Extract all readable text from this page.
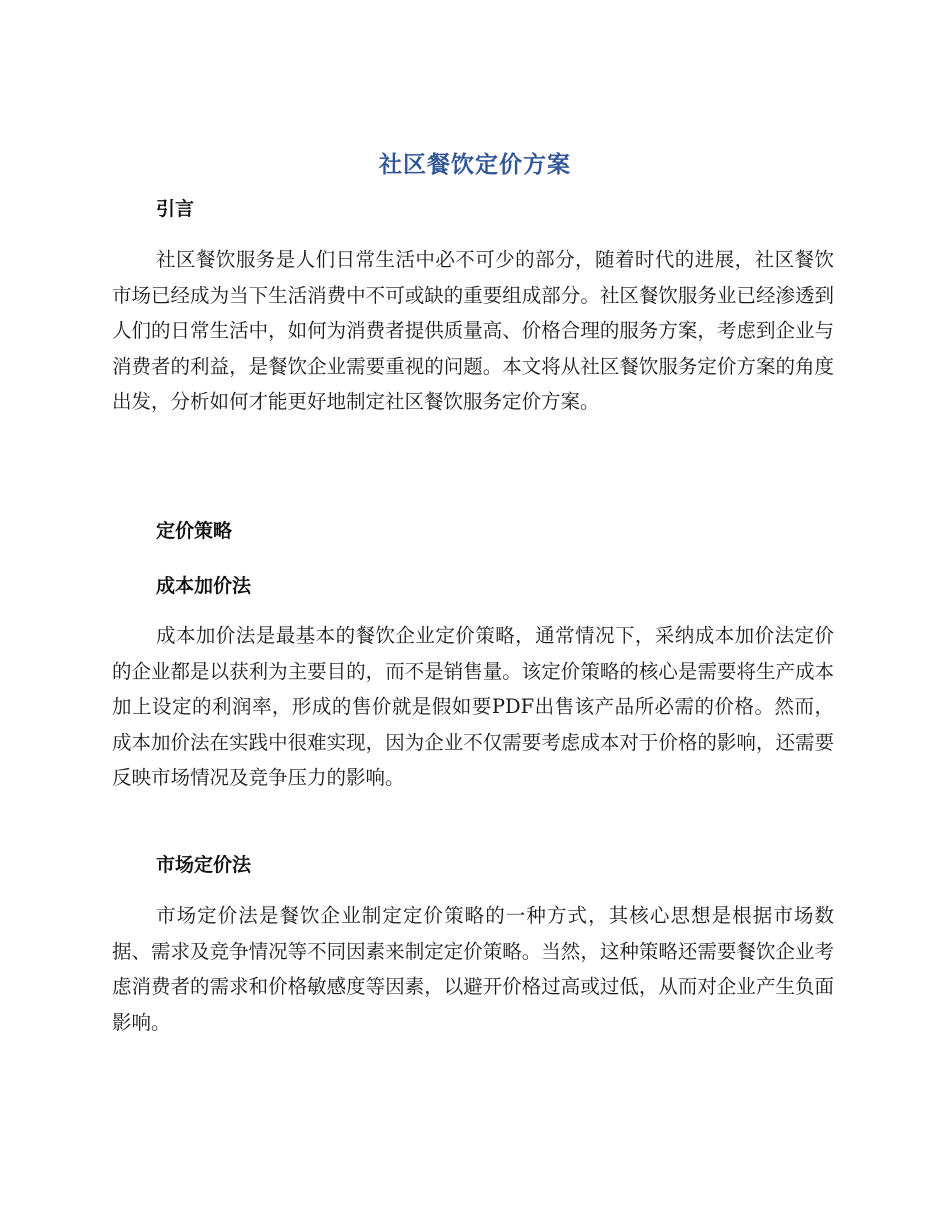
社区餐饮定价方案
引言

社区餐饮服务是人们日常生活中必不可少的部分，随着时代的进展，社区餐饮市场已经成为当下生活消费中不可或缺的重要组成部分。社区餐饮服务业已经渗透到人们的日常生活中，如何为消费者提供质量高、价格合理的服务方案，考虑到企业与消费者的利益，是餐饮企业需要重视的问题。本文将从社区餐饮服务定价方案的角度出发，分析如何才能更好地制定社区餐饮服务定价方案。

定价策略
成本加价法

成本加价法是最基本的餐饮企业定价策略，通常情况下，采纳成本加价法定价的企业都是以获利为主要目的，而不是销售量。该定价策略的核心是需要将生产成本加上设定的利润率，形成的售价就是假如要PDF出售该产品所必需的价格。然而，成本加价法在实践中很难实现，因为企业不仅需要考虑成本对于价格的影响，还需要反映市场情况及竞争压力的影响。

市场定价法

市场定价法是餐饮企业制定定价策略的一种方式，其核心思想是根据市场数据、需求及竞争情况等不同因素来制定定价策略。当然，这种策略还需要餐饮企业考虑消费者的需求和价格敏感度等因素，以避开价格过高或过低，从而对企业产生负面影响。
